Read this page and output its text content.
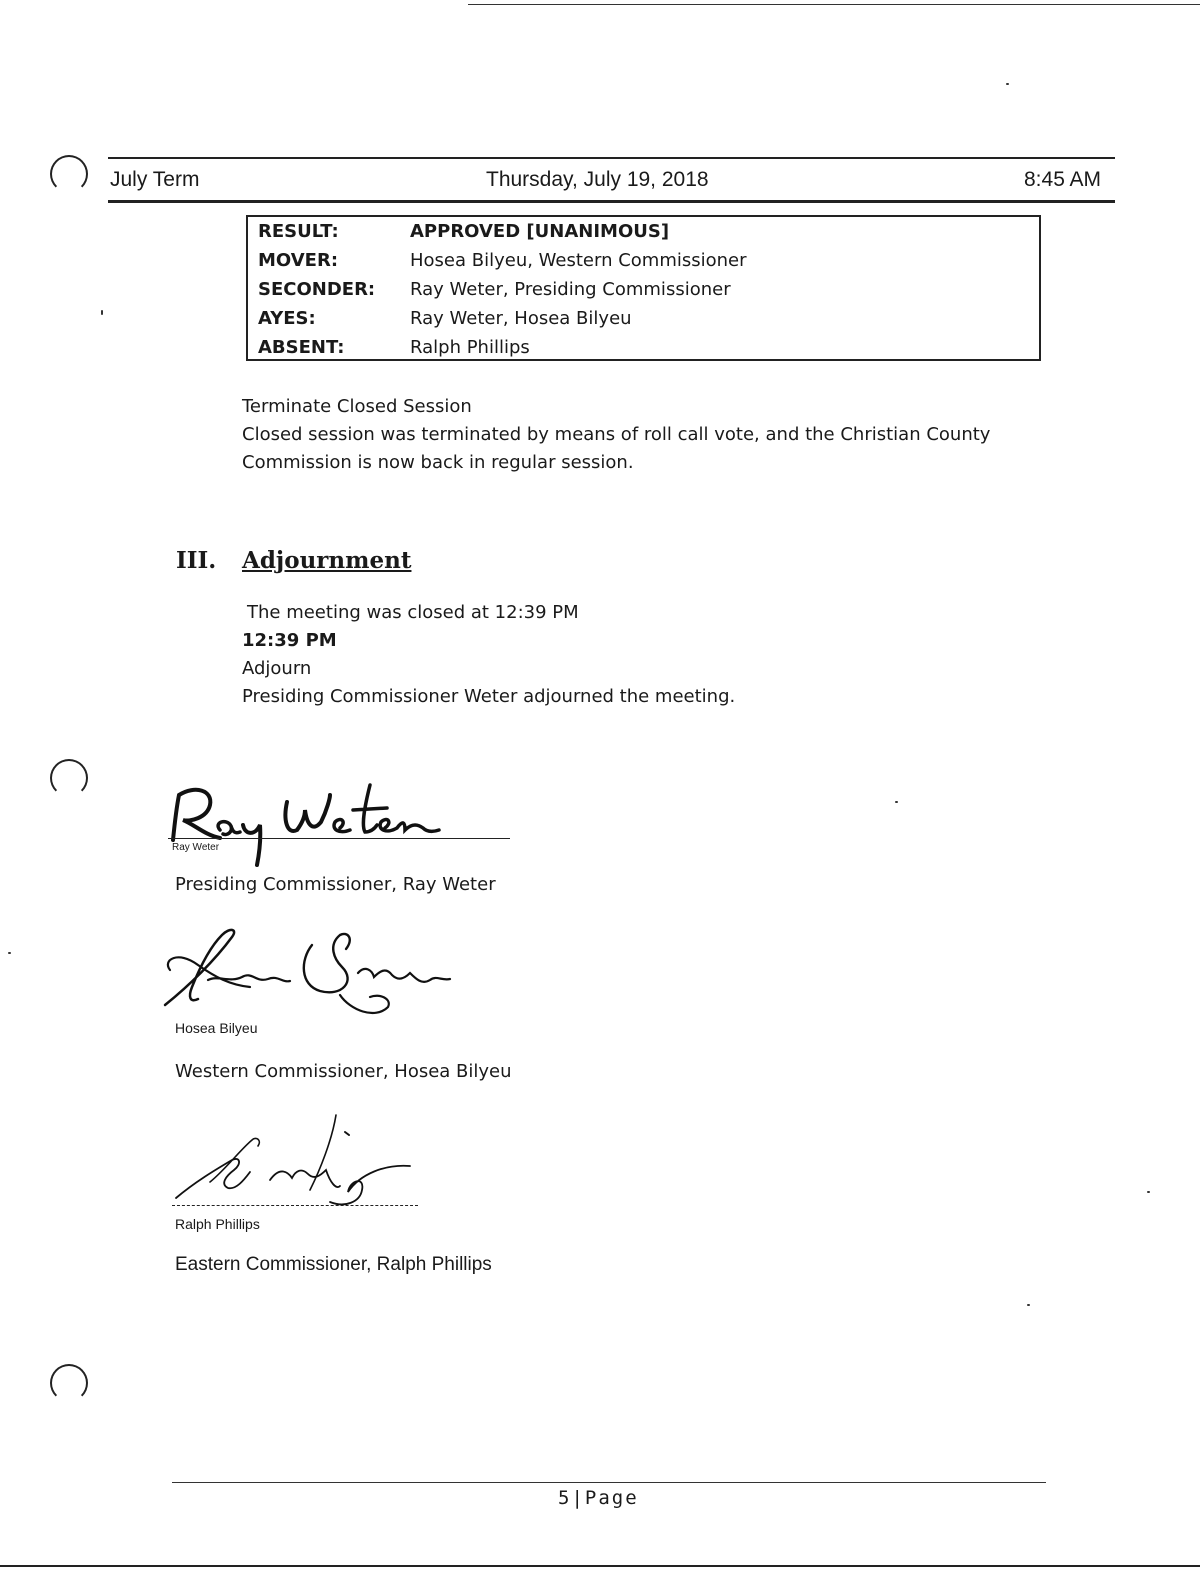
July Term	Thursday, July 19, 2018	8:45 AM
RESULT:	APPROVED [UNANIMOUS]
MOVER:	Hosea Bilyeu, Western Commissioner
SECONDER: Ray Weter, Presiding Commissioner
AYES:	Ray Weter, Hosea Bilyeu
ABSENT:	Ralph Phillips
Terminate Closed Session
Closed session was terminated by means of roll call vote, and the Christian County
Commission is now back in regular session.
III. Adjournment
The meeting was closed at 12:39 PM
12:39 PM
Adjourn
Presiding Commissioner Weter adjourned the meeting.
Ray Weter
Presiding Commissioner, Ray Weter
Hosea Bilyeu
Western Commissioner, Hosea Bilyeu
Ralph Phillips
Eastern Commissioner, Ralph Phillips
5|Page
